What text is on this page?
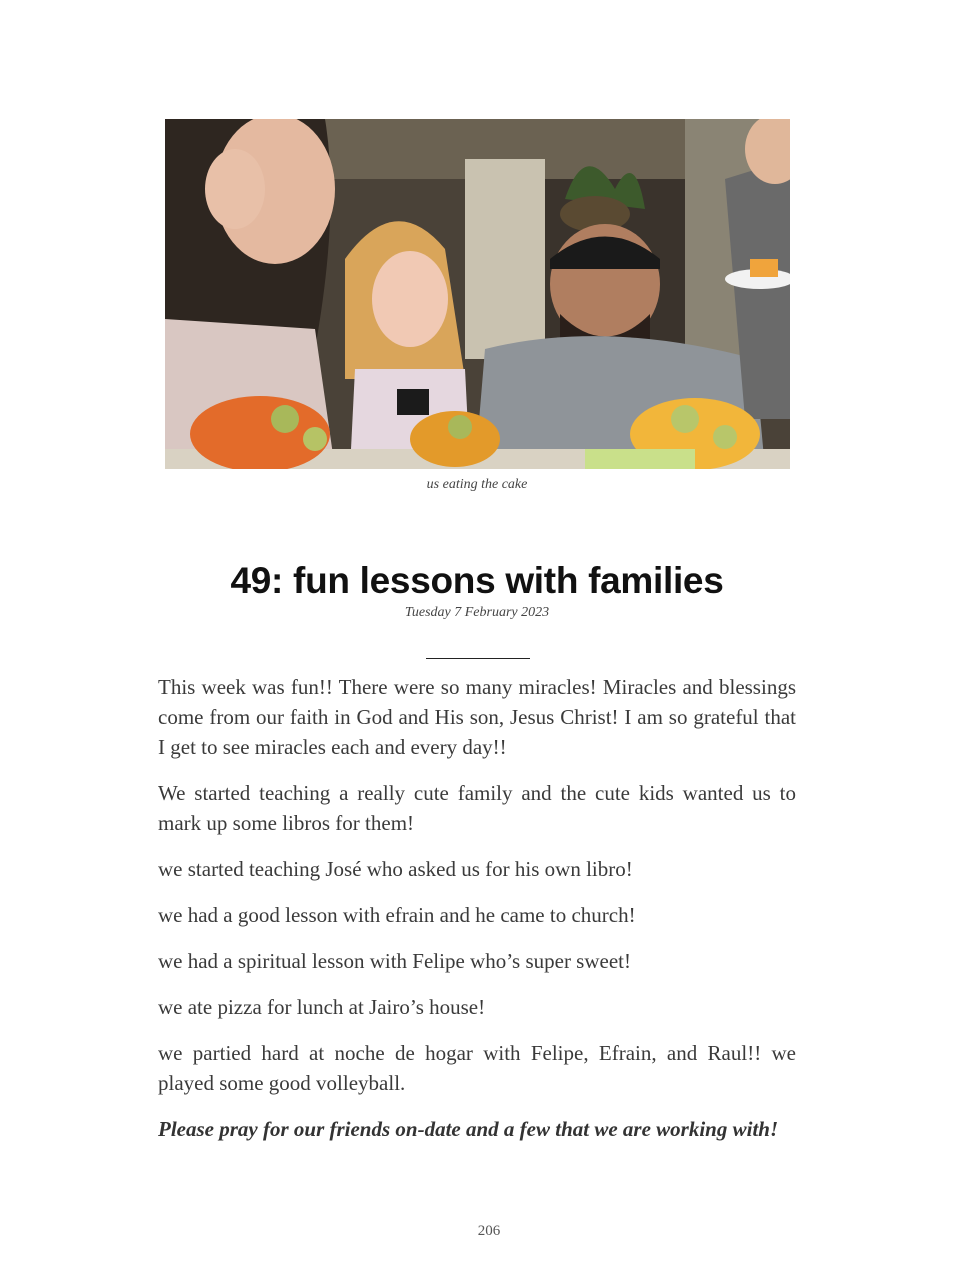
us eating the cake
49: fun lessons with families
Tuesday 7 February 2023

This week was fun!! There were so many miracles! Miracles and blessings come from our faith in God and His son, Jesus Christ! I am so grateful that I get to see miracles each and every day!!

We started teaching a really cute family and the cute kids wanted us to mark up some libros for them!

we started teaching José who asked us for his own libro!

we had a good lesson with efrain and he came to church!

we had a spiritual lesson with Felipe who’s super sweet!

we ate pizza for lunch at Jairo’s house!

we partied hard at noche de hogar with Felipe, Efrain, and Raul!! we played some good volleyball.

Please pray for our friends on-date and a few that we are working with!

206
